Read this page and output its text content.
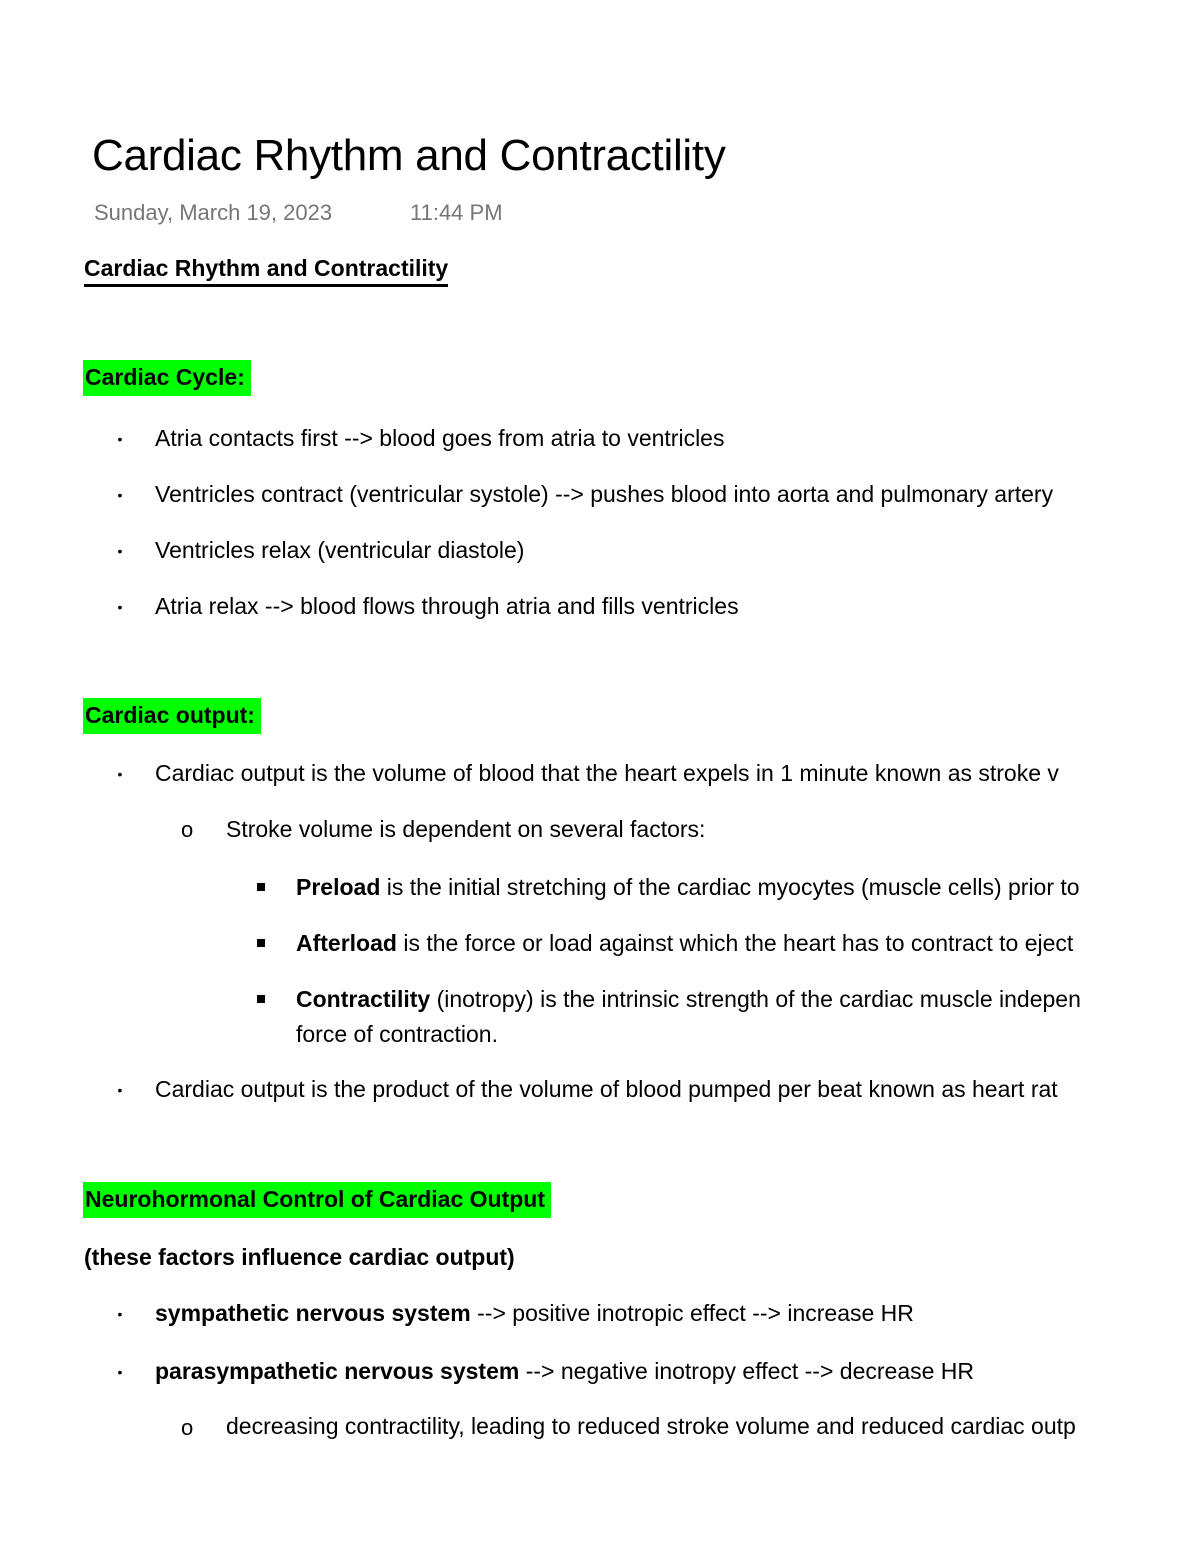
Cardiac Rhythm and Contractility
Sunday, March 19, 2023	11:44 PM
Cardiac Rhythm and Contractility
Cardiac Cycle:
• Atria contacts first --> blood goes from atria to ventricles
• Ventricles contract (ventricular systole) --> pushes blood into aorta and pulmonary artery
• Ventricles relax (ventricular diastole)
• Atria relax --> blood flows through atria and fills ventricles
Cardiac output:
• Cardiac output is the volume of blood that the heart expels in 1 minute known as stroke v
o Stroke volume is dependent on several factors:
Preload is the initial stretching of the cardiac myocytes (muscle cells) prior to
Afterload is the force or load against which the heart has to contract to eject
Contractility (inotropy) is the intrinsic strength of the cardiac muscle indepen
force of contraction.
• Cardiac output is the product of the volume of blood pumped per beat known as heart rat
Neurohormonal Control of Cardiac Output
(these factors influence cardiac output)
• sympathetic nervous system --> positive inotropic effect --> increase HR
• parasympathetic nervous system --> negative inotropy effect --> decrease HR
o decreasing contractility, leading to reduced stroke volume and reduced cardiac outp
